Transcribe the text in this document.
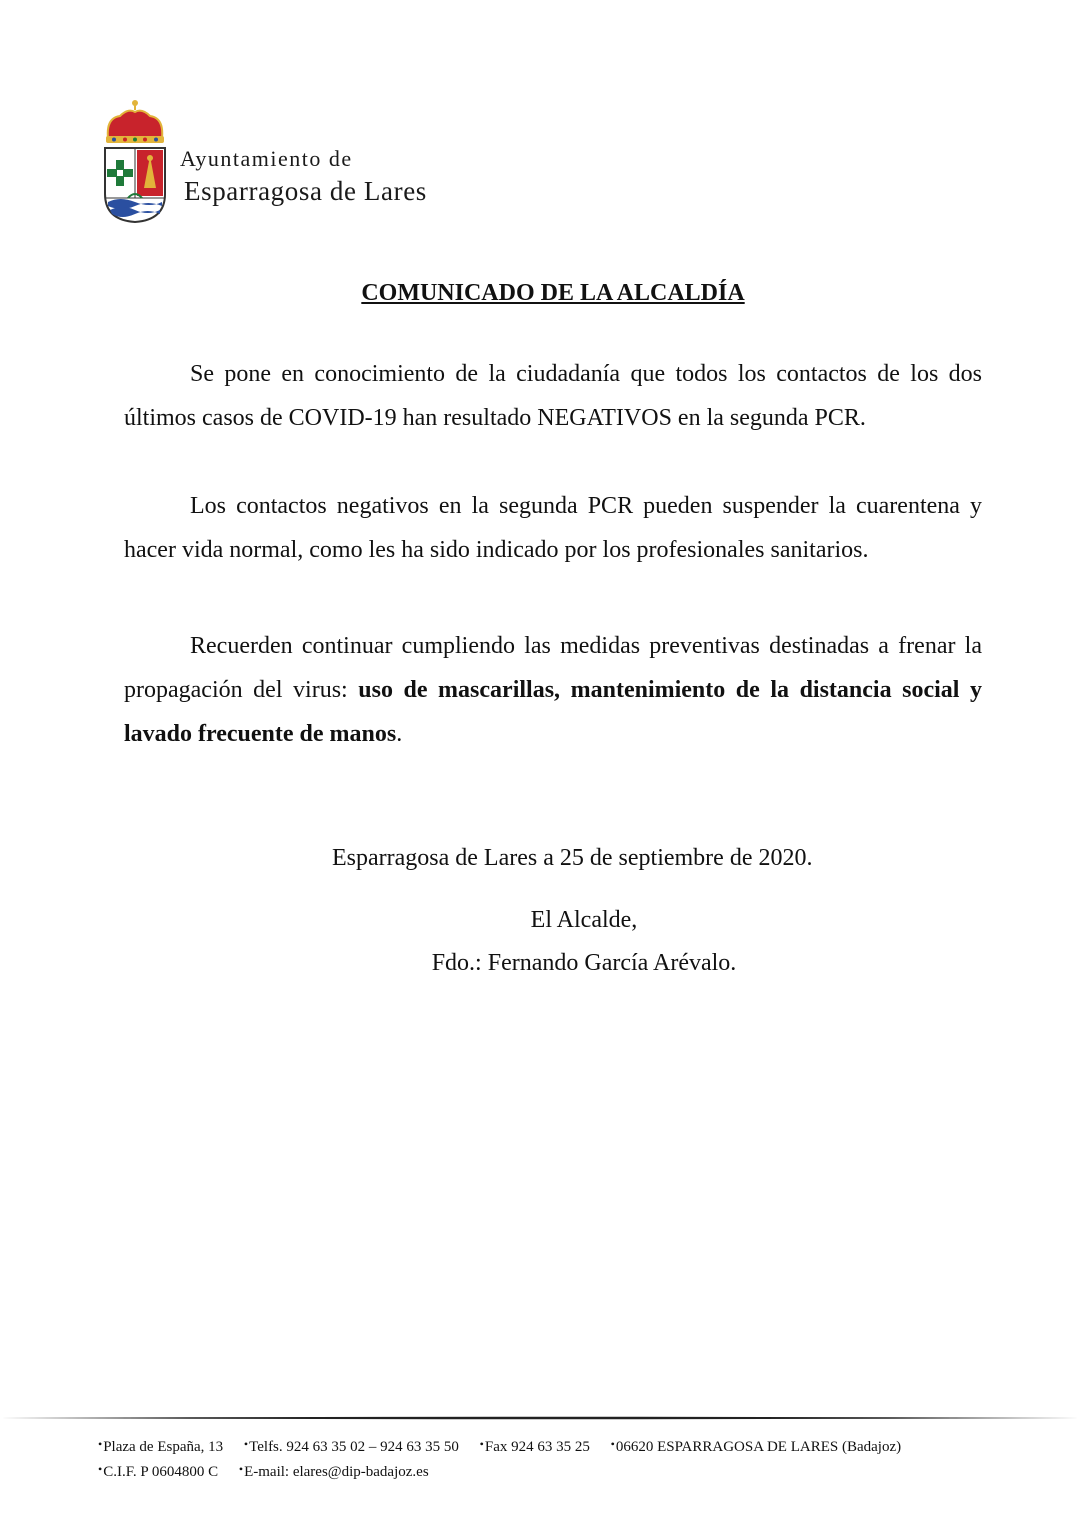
Ayuntamiento de
Esparragosa de Lares
COMUNICADO DE LA ALCALDÍA

Se pone en conocimiento de la ciudadanía que todos los contactos de los dos últimos casos de COVID-19 han resultado NEGATIVOS en la segunda PCR.

Los contactos negativos en la segunda PCR pueden suspender la cuarentena y hacer vida normal, como les ha sido indicado por los profesionales sanitarios.

Recuerden continuar cumpliendo las medidas preventivas destinadas a frenar la propagación del virus: uso de mascarillas, mantenimiento de la distancia social y lavado frecuente de manos.

Esparragosa de Lares a 25 de septiembre de 2020.
El Alcalde,
Fdo.: Fernando García Arévalo.
•Plaza de España, 13 •Telfs. 924 63 35 02 – 924 63 35 50 •Fax 924 63 35 25 •06620 ESPARRAGOSA DE LARES (Badajoz)
•C.I.F. P 0604800 C •E-mail: elares@dip-badajoz.es
